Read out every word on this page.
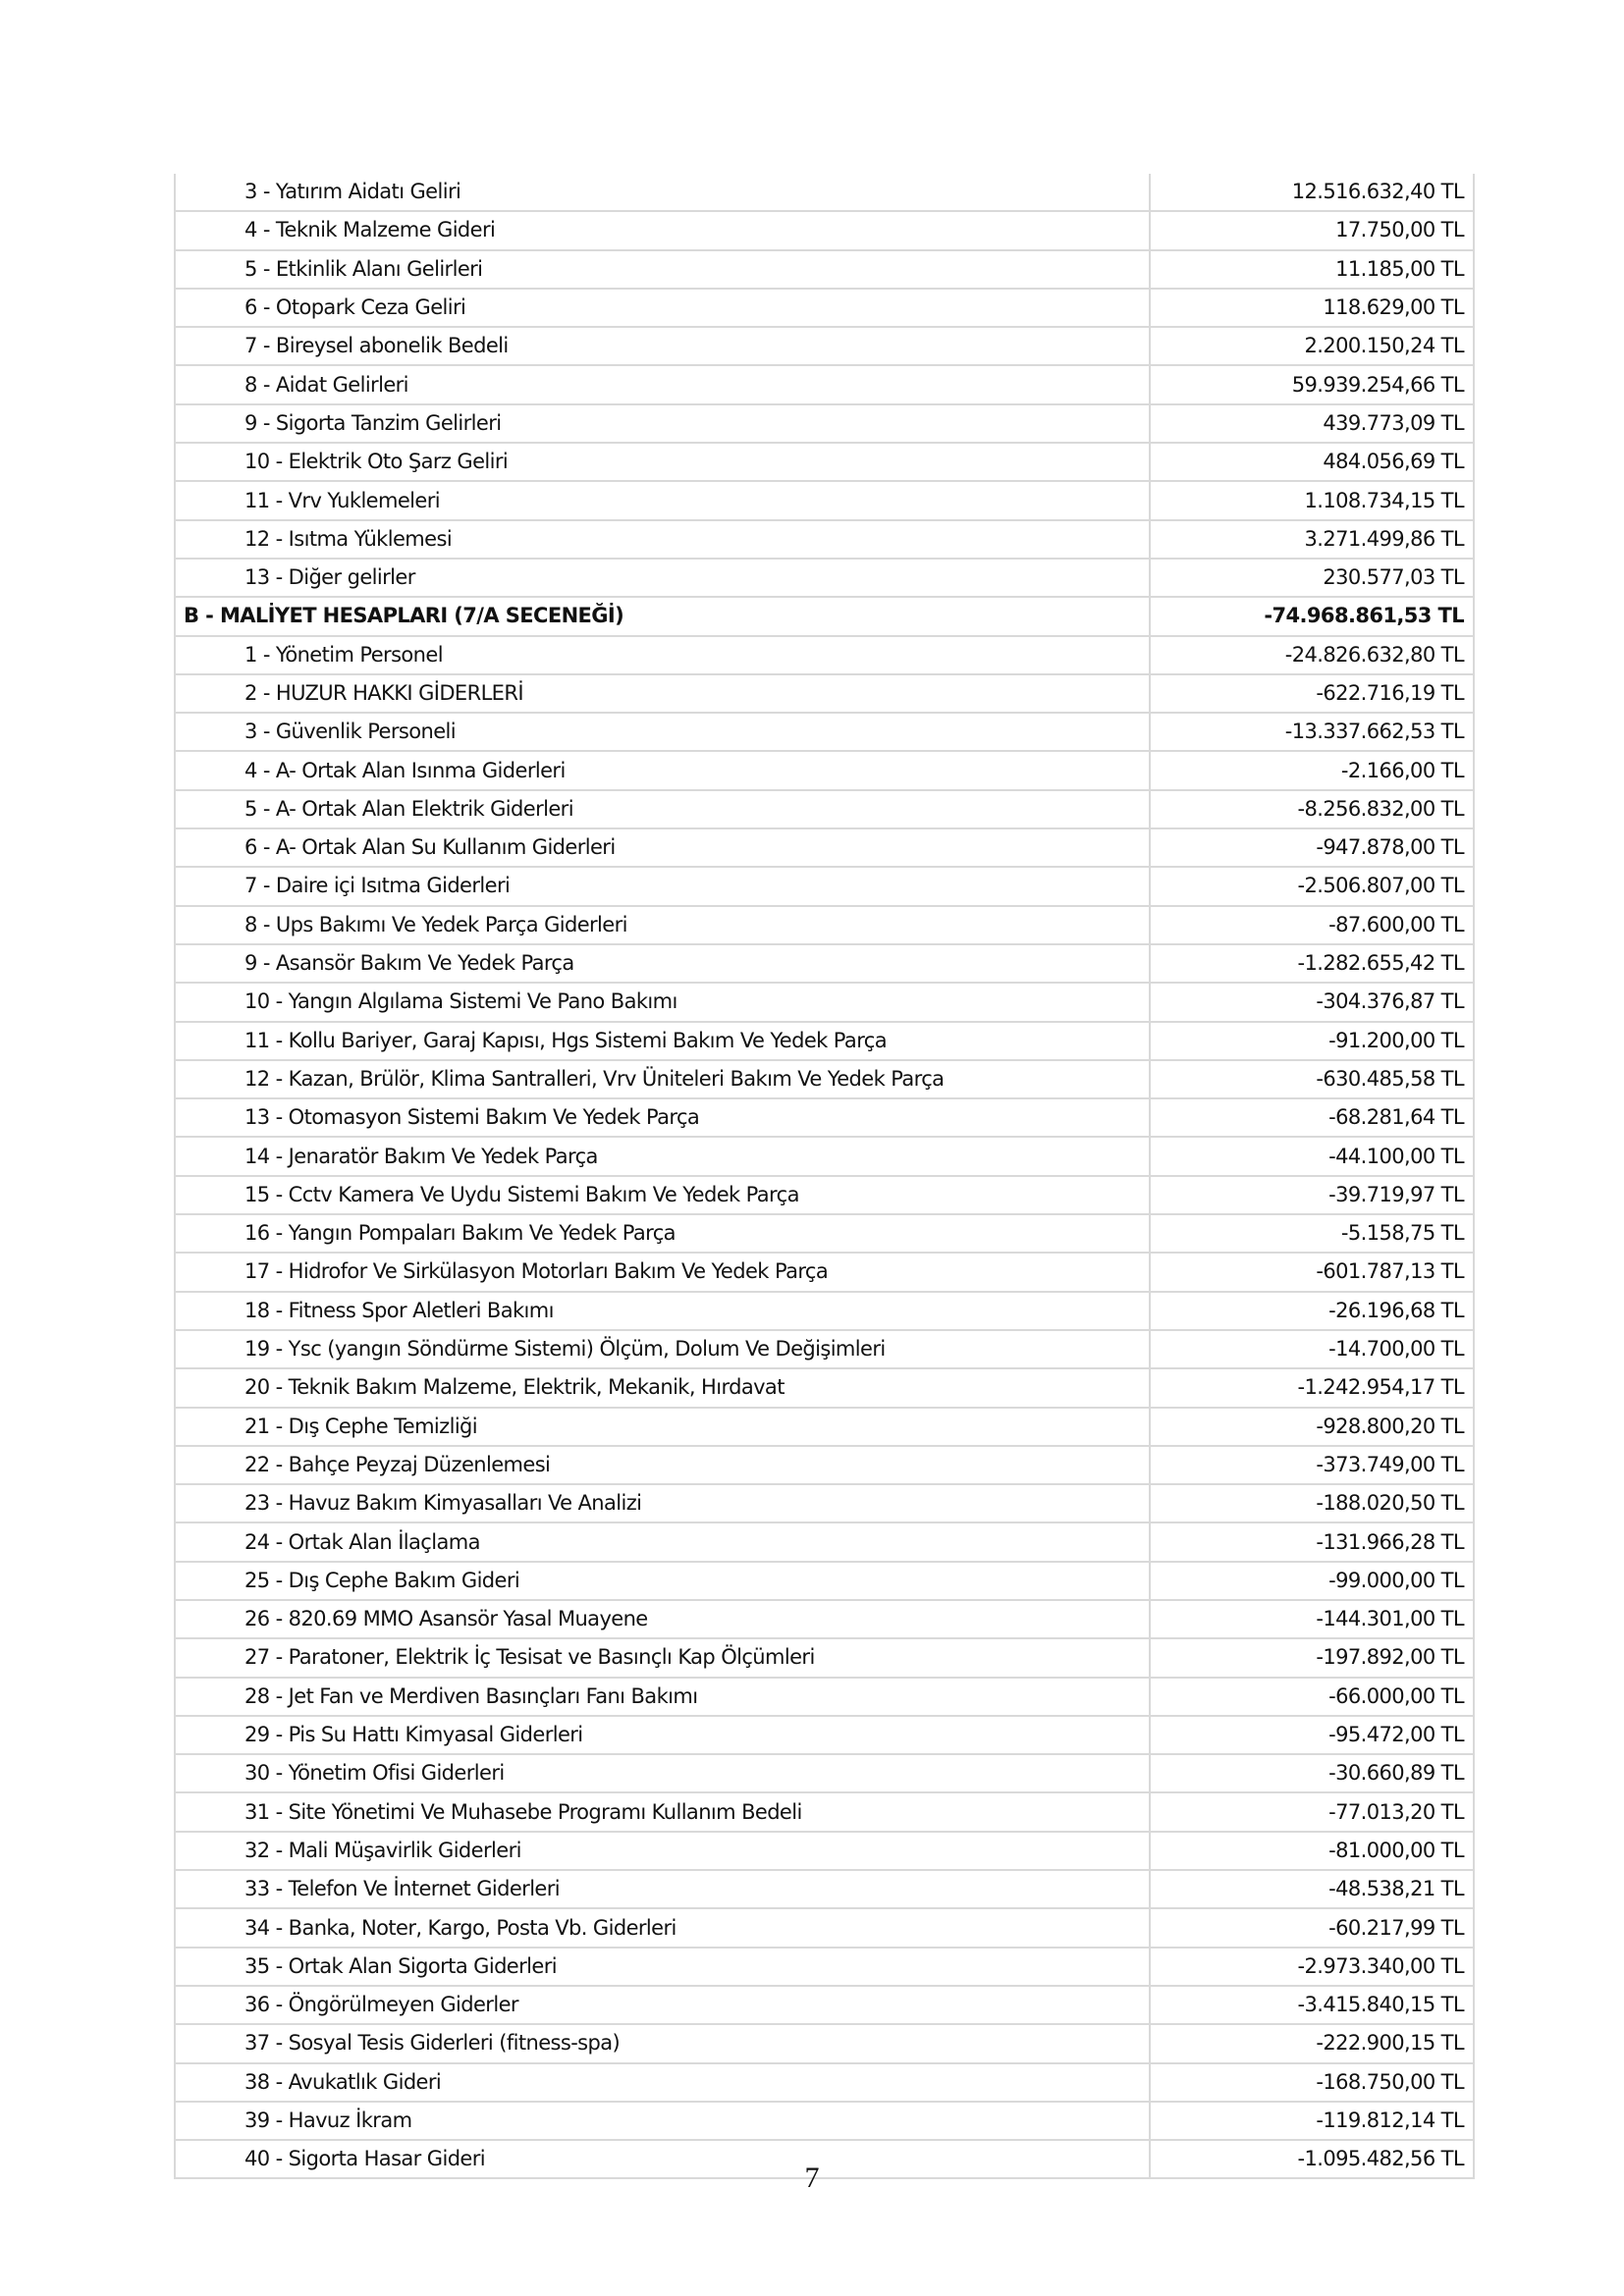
3 - Yatırım Aidatı Geliri	12.516.632,40 TL
4 - Teknik Malzeme Gideri	17.750,00 TL
5 - Etkinlik Alanı Gelirleri	11.185,00 TL
6 - Otopark Ceza Geliri	118.629,00 TL
7 - Bireysel abonelik Bedeli	2.200.150,24 TL
8 - Aidat Gelirleri	59.939.254,66 TL
9 - Sigorta Tanzim Gelirleri	439.773,09 TL
10 - Elektrik Oto Şarz Geliri	484.056,69 TL
11 - Vrv Yuklemeleri	1.108.734,15 TL
12 - Isıtma Yüklemesi	3.271.499,86 TL
13 - Diğer gelirler	230.577,03 TL
B - MALİYET HESAPLARI (7/A SECENEĞİ)	-74.968.861,53 TL
1 - Yönetim Personel	-24.826.632,80 TL
2 - HUZUR HAKKI GİDERLERİ	-622.716,19 TL
3 - Güvenlik Personeli	-13.337.662,53 TL
4 - A- Ortak Alan Isınma Giderleri	-2.166,00 TL
5 - A- Ortak Alan Elektrik Giderleri	-8.256.832,00 TL
6 - A- Ortak Alan Su Kullanım Giderleri	-947.878,00 TL
7 - Daire içi Isıtma Giderleri	-2.506.807,00 TL
8 - Ups Bakımı Ve Yedek Parça Giderleri	-87.600,00 TL
9 - Asansör Bakım Ve Yedek Parça	-1.282.655,42 TL
10 - Yangın Algılama Sistemi Ve Pano Bakımı	-304.376,87 TL
11 - Kollu Bariyer, Garaj Kapısı, Hgs Sistemi Bakım Ve Yedek Parça	-91.200,00 TL
12 - Kazan, Brülör, Klima Santralleri, Vrv Üniteleri Bakım Ve Yedek Parça	-630.485,58 TL
13 - Otomasyon Sistemi Bakım Ve Yedek Parça	-68.281,64 TL
14 - Jenaratör Bakım Ve Yedek Parça	-44.100,00 TL
15 - Cctv Kamera Ve Uydu Sistemi Bakım Ve Yedek Parça	-39.719,97 TL
16 - Yangın Pompaları Bakım Ve Yedek Parça	-5.158,75 TL
17 - Hidrofor Ve Sirkülasyon Motorları Bakım Ve Yedek Parça	-601.787,13 TL
18 - Fitness Spor Aletleri Bakımı	-26.196,68 TL
19 - Ysc (yangın Söndürme Sistemi) Ölçüm, Dolum Ve Değişimleri	-14.700,00 TL
20 - Teknik Bakım Malzeme, Elektrik, Mekanik, Hırdavat	-1.242.954,17 TL
21 - Dış Cephe Temizliği	-928.800,20 TL
22 - Bahçe Peyzaj Düzenlemesi	-373.749,00 TL
23 - Havuz Bakım Kimyasalları Ve Analizi	-188.020,50 TL
24 - Ortak Alan İlaçlama	-131.966,28 TL
25 - Dış Cephe Bakım Gideri	-99.000,00 TL
26 - 820.69 MMO Asansör Yasal Muayene	-144.301,00 TL
27 - Paratoner, Elektrik İç Tesisat ve Basınçlı Kap Ölçümleri	-197.892,00 TL
28 - Jet Fan ve Merdiven Basınçları Fanı Bakımı	-66.000,00 TL
29 - Pis Su Hattı Kimyasal Giderleri	-95.472,00 TL
30 - Yönetim Ofisi Giderleri	-30.660,89 TL
31 - Site Yönetimi Ve Muhasebe Programı Kullanım Bedeli	-77.013,20 TL
32 - Mali Müşavirlik Giderleri	-81.000,00 TL
33 - Telefon Ve İnternet Giderleri	-48.538,21 TL
34 - Banka, Noter, Kargo, Posta Vb. Giderleri	-60.217,99 TL
35 - Ortak Alan Sigorta Giderleri	-2.973.340,00 TL
36 - Öngörülmeyen Giderler	-3.415.840,15 TL
37 - Sosyal Tesis Giderleri (fitness-spa)	-222.900,15 TL
38 - Avukatlık Gideri	-168.750,00 TL
39 - Havuz İkram	-119.812,14 TL
40 - Sigorta Hasar Gideri	-1.095.482,56 TL
7
